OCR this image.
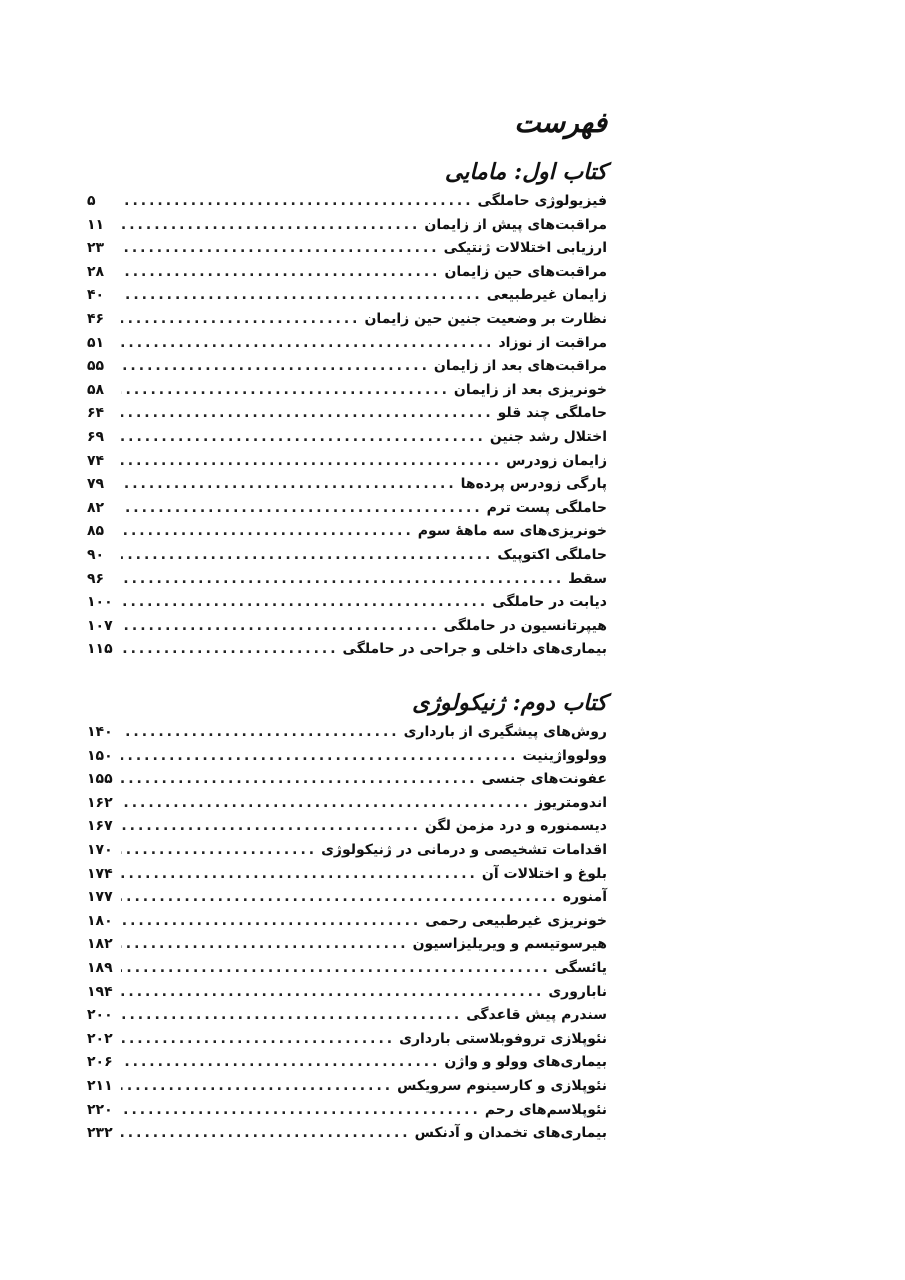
فهرست
کتاب اول: مامایی
فیزیولوژی حاملگی
.....
۵
مراقبت‌های پیش از زایمان
.....
۱۱
ارزیابی اختلالات ژنتیکی
.....
۲۳
مراقبت‌های حین زایمان
.....
۲۸
زایمان غیرطبیعی
.....
۴۰
نظارت بر وضعیت جنین حین زایمان
.....
۴۶
مراقبت از نوزاد
.....
۵۱
مراقبت‌های بعد از زایمان
.....
۵۵
خونریزی بعد از زایمان
.....
۵۸
حاملگی چند قلو
.....
۶۴
اختلال رشد جنین
.....
۶۹
زایمان زودرس
.....
۷۴
پارگی زودرس پرده‌ها
.....
۷۹
حاملگی پست ترم
.....
۸۲
خونریزی‌های سه ماههٔ سوم
.....
۸۵
حاملگی اکتوپیک
.....
۹۰
سقط
.....
۹۶
دیابت در حاملگی
.....
۱۰۰
هیپرتانسیون در حاملگی
.....
۱۰۷
بیماری‌های داخلی و جراحی در حاملگی
.....
۱۱۵
کتاب دوم: ژنیکولوژی
روش‌های پیشگیری از بارداری
.....
۱۴۰
وولوواژینیت
.....
۱۵۰
عفونت‌های جنسی
.....
۱۵۵
اندومتریوز
.....
۱۶۲
دیسمنوره و درد مزمن لگن
.....
۱۶۷
اقدامات تشخیصی و درمانی در ژنیکولوژی
.....
۱۷۰
بلوغ و اختلالات آن
.....
۱۷۴
آمنوره
.....
۱۷۷
خونریزی غیرطبیعی رحمی
.....
۱۸۰
هیرسوتیسم و ویریلیزاسیون
.....
۱۸۲
یائسگی
.....
۱۸۹
ناباروری
.....
۱۹۴
سندرم پیش قاعدگی
.....
۲۰۰
نئوپلازی تروفوبلاستی بارداری
.....
۲۰۲
بیماری‌های وولو و واژن
.....
۲۰۶
نئوپلازی و کارسینوم سرویکس
.....
۲۱۱
نئوپلاسم‌های رحم
.....
۲۲۰
بیماری‌های تخمدان و آدنکس
.....
۲۳۲
